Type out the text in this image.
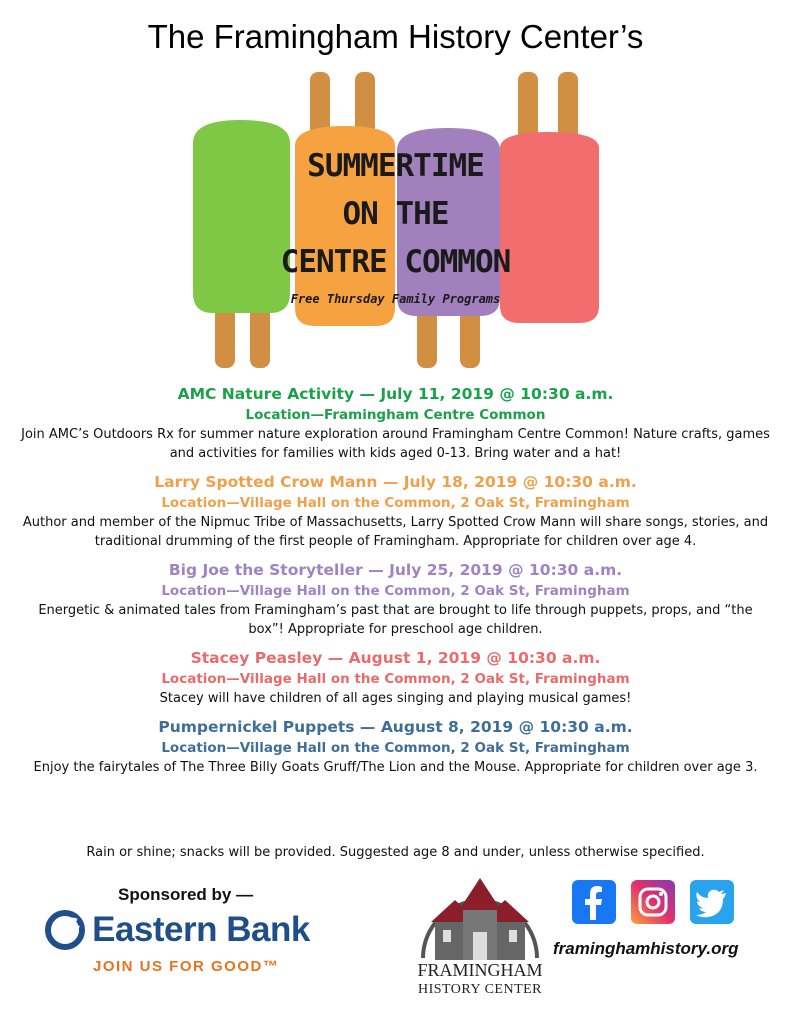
The Framingham History Center’s
SUMMERTIME
ON THE
CENTRE COMMON
Free Thursday Family Programs
AMC Nature Activity — July 11, 2019 @ 10:30 a.m.
Location—Framingham Centre Common
Join AMC’s Outdoors Rx for summer nature exploration around Framingham Centre Common! Nature crafts, games and activities for families with kids aged 0-13. Bring water and a hat!
Larry Spotted Crow Mann — July 18, 2019 @ 10:30 a.m.
Location—Village Hall on the Common, 2 Oak St, Framingham
Author and member of the Nipmuc Tribe of Massachusetts, Larry Spotted Crow Mann will share songs, stories, and traditional drumming of the first people of Framingham. Appropriate for children over age 4.
Big Joe the Storyteller — July 25, 2019 @ 10:30 a.m.
Location—Village Hall on the Common, 2 Oak St, Framingham
Energetic & animated tales from Framingham’s past that are brought to life through puppets, props, and “the box”! Appropriate for preschool age children.
Stacey Peasley — August 1, 2019 @ 10:30 a.m.
Location—Village Hall on the Common, 2 Oak St, Framingham
Stacey will have children of all ages singing and playing musical games!
Pumpernickel Puppets — August 8, 2019 @ 10:30 a.m.
Location—Village Hall on the Common, 2 Oak St, Framingham
Enjoy the fairytales of The Three Billy Goats Gruff/The Lion and the Mouse. Appropriate for children over age 3.
Rain or shine; snacks will be provided. Suggested age 8 and under, unless otherwise specified.
Sponsored by —
Eastern Bank
JOIN US FOR GOOD™	FRAMINGHAM
HISTORY CENTER

framinghamhistory.org
